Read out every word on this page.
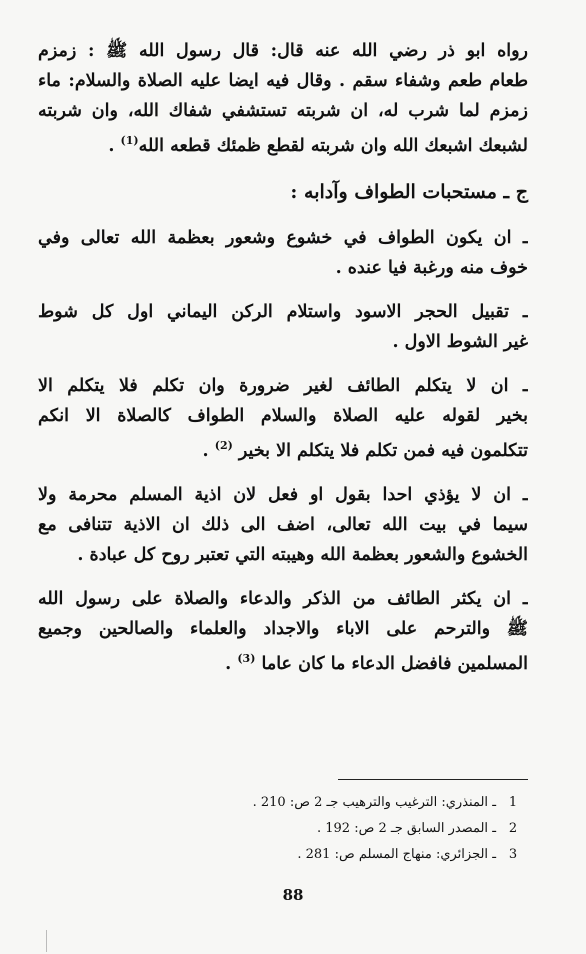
رواه ابو ذر رضي الله عنه قال: قال رسول الله ﷺ : زمزم
طعام طعم وشفاء سقم . وقال فيه ايضا عليه الصلاة والسلام: ماء
زمزم لما شرب له، ان شربته تستشفي شفاك الله، وان شربته
لشبعك اشبعك الله وان شربته لقطع ظمئك قطعه الله$^{(1)}$ .
ج ـ مستحبات الطواف وآدابه :
ـ ان يكون الطواف في خشوع وشعور بعظمة الله تعالى وفي
خوف منه ورغبة فيا عنده .
ـ تقبيل الحجر الاسود واستلام الركن اليماني اول كل شوط
غير الشوط الاول .
ـ ان لا يتكلم الطائف لغير ضرورة وان تكلم فلا يتكلم الا
بخير لقوله عليه الصلاة والسلام الطواف كالصلاة الا انكم
تتكلمون فيه فمن تكلم فلا يتكلم الا بخير $^{(2)}$ .
ـ ان لا يؤذي احدا بقول او فعل لان اذية المسلم محرمة ولا
سيما في بيت الله تعالى، اضف الى ذلك ان الاذية تتنافى مع
الخشوع والشعور بعظمة الله وهيبته التي تعتبر روح كل عبادة .
ـ ان يكثر الطائف من الذكر والدعاء والصلاة على رسول الله
ﷺ والترحم على الاباء والاجداد والعلماء والصالحين وجميع
المسلمين فافضل الدعاء ما كان عاما $^{(3)}$ .
1ـ المنذري: الترغيب والترهيب جـ 2 ص: 210 .
2ـ المصدر السابق جـ 2 ص: 192 .
3ـ الجزائري: منهاج المسلم ص: 281 .
88
